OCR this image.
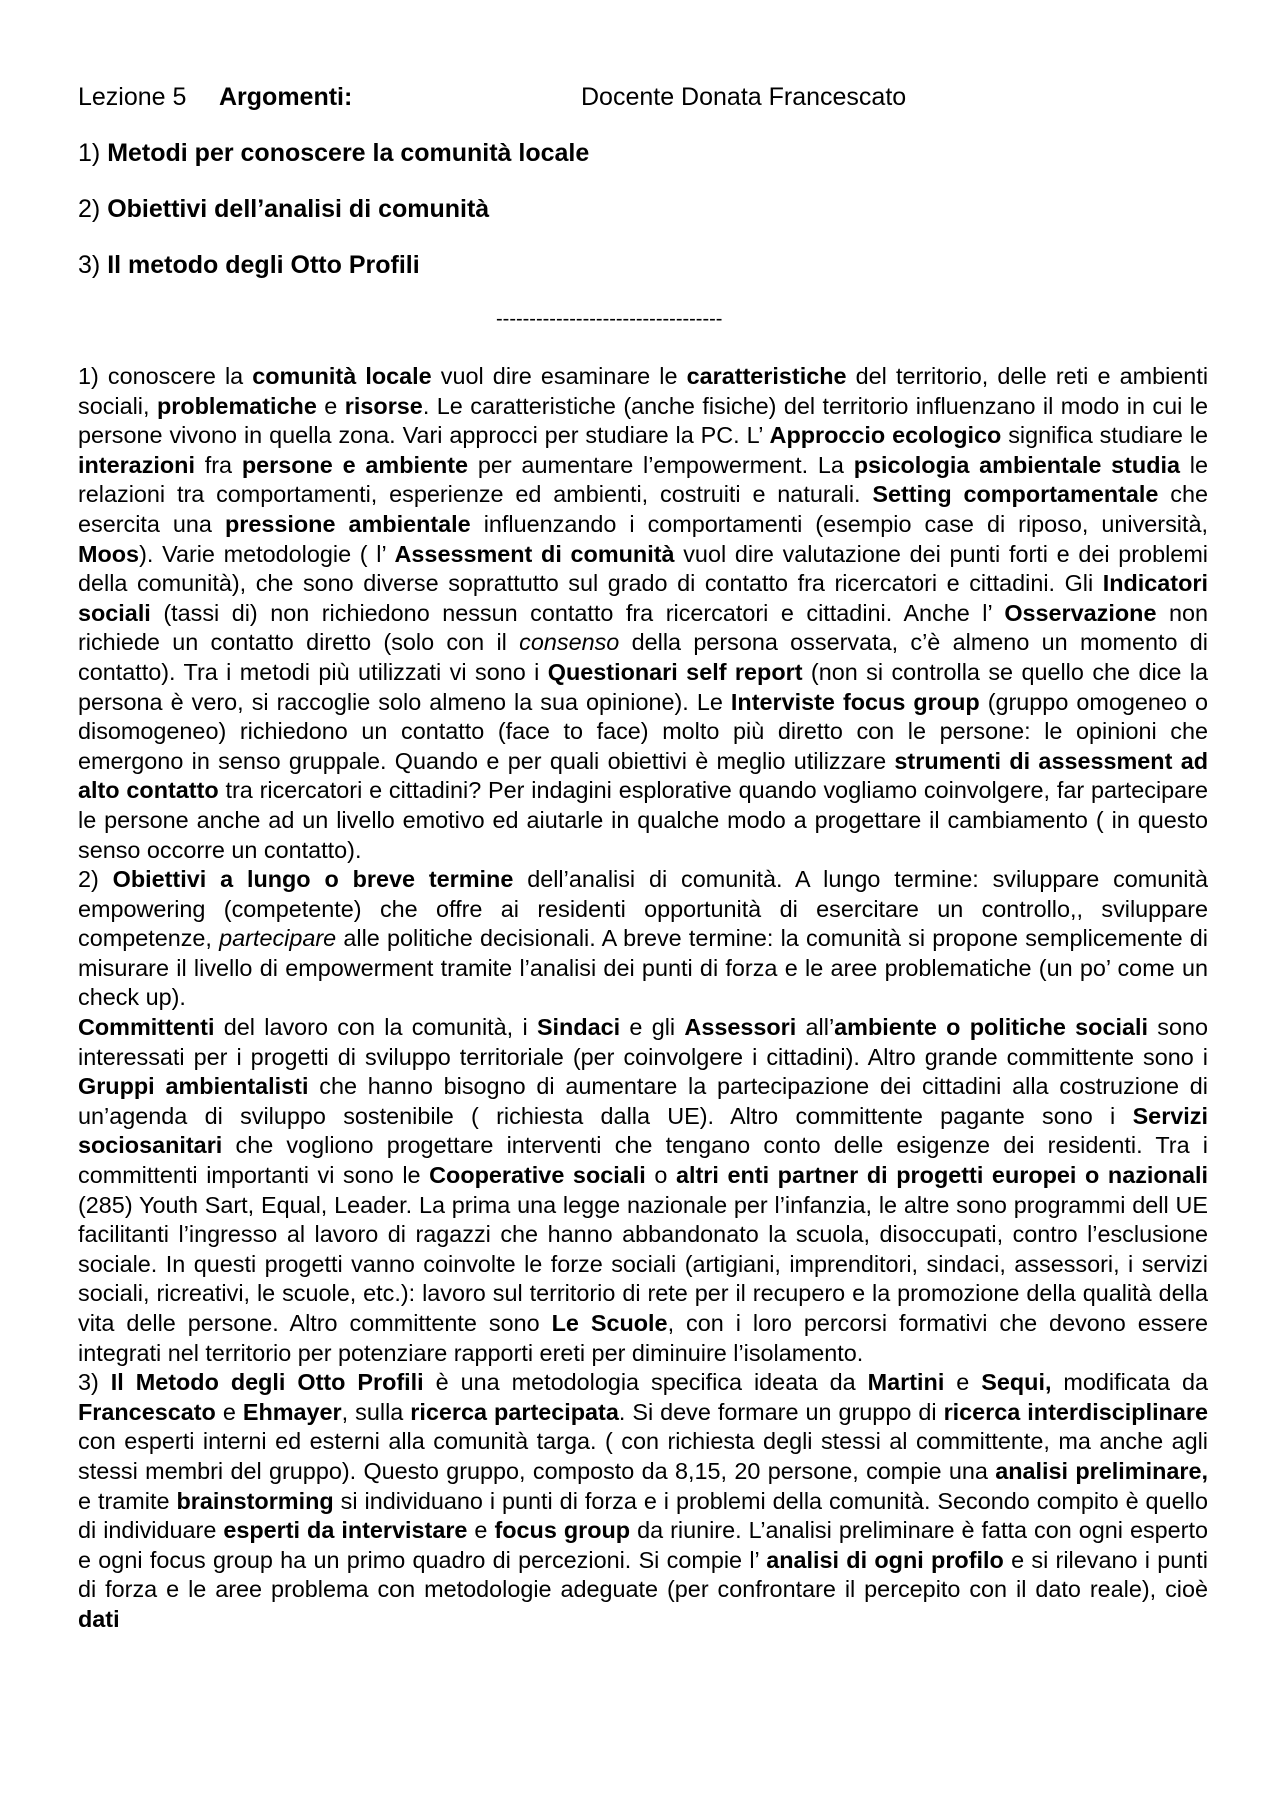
Lezione 5 Argomenti:	Docente Donata Francescato
1) Metodi per conoscere la comunità locale
2) Obiettivi dell’analisi di comunità
3) Il metodo degli Otto Profili
----------------------------------

1) conoscere la comunità locale vuol dire esaminare le caratteristiche del territorio, delle reti e ambienti sociali, problematiche e risorse. Le caratteristiche (anche fisiche) del territorio influenzano il modo in cui le persone vivono in quella zona. Vari approcci per studiare la PC. L’ Approccio ecologico significa studiare le interazioni fra persone e ambiente per aumentare l’empowerment. La psicologia ambientale studia le relazioni tra comportamenti, esperienze ed ambienti, costruiti e naturali. Setting comportamentale che esercita una pressione ambientale influenzando i comportamenti (esempio case di riposo, università, Moos). Varie metodologie ( l’ Assessment di comunità vuol dire valutazione dei punti forti e dei problemi della comunità), che sono diverse soprattutto sul grado di contatto fra ricercatori e cittadini. Gli Indicatori sociali (tassi di) non richiedono nessun contatto fra ricercatori e cittadini. Anche l’ Osservazione non richiede un contatto diretto (solo con il consenso della persona osservata, c’è almeno un momento di contatto). Tra i metodi più utilizzati vi sono i Questionari self report (non si controlla se quello che dice la persona è vero, si raccoglie solo almeno la sua opinione). Le Interviste focus group (gruppo omogeneo o disomogeneo) richiedono un contatto (face to face) molto più diretto con le persone: le opinioni che emergono in senso gruppale. Quando e per quali obiettivi è meglio utilizzare strumenti di assessment ad alto contatto tra ricercatori e cittadini? Per indagini esplorative quando vogliamo coinvolgere, far partecipare le persone anche ad un livello emotivo ed aiutarle in qualche modo a progettare il cambiamento ( in questo senso occorre un contatto).

2) Obiettivi a lungo o breve termine dell’analisi di comunità. A lungo termine: sviluppare comunità empowering (competente) che offre ai residenti opportunità di esercitare un controllo,, sviluppare competenze, partecipare alle politiche decisionali. A breve termine: la comunità si propone semplicemente di misurare il livello di empowerment tramite l’analisi dei punti di forza e le aree problematiche (un po’ come un check up).

Committenti del lavoro con la comunità, i Sindaci e gli Assessori all’ambiente o politiche sociali sono interessati per i progetti di sviluppo territoriale (per coinvolgere i cittadini). Altro grande committente sono i Gruppi ambientalisti che hanno bisogno di aumentare la partecipazione dei cittadini alla costruzione di un’agenda di sviluppo sostenibile ( richiesta dalla UE). Altro committente pagante sono i Servizi sociosanitari che vogliono progettare interventi che tengano conto delle esigenze dei residenti. Tra i committenti importanti vi sono le Cooperative sociali o altri enti partner di progetti europei o nazionali (285) Youth Sart, Equal, Leader. La prima una legge nazionale per l’infanzia, le altre sono programmi dell UE facilitanti l’ingresso al lavoro di ragazzi che hanno abbandonato la scuola, disoccupati, contro l’esclusione sociale. In questi progetti vanno coinvolte le forze sociali (artigiani, imprenditori, sindaci, assessori, i servizi sociali, ricreativi, le scuole, etc.): lavoro sul territorio di rete per il recupero e la promozione della qualità della vita delle persone. Altro committente sono Le Scuole, con i loro percorsi formativi che devono essere integrati nel territorio per potenziare rapporti ereti per diminuire l’isolamento.

3) Il Metodo degli Otto Profili è una metodologia specifica ideata da Martini e Sequi, modificata da Francescato e Ehmayer, sulla ricerca partecipata. Si deve formare un gruppo di ricerca interdisciplinare con esperti interni ed esterni alla comunità targa. ( con richiesta degli stessi al committente, ma anche agli stessi membri del gruppo). Questo gruppo, composto da 8,15, 20 persone, compie una analisi preliminare, e tramite brainstorming si individuano i punti di forza e i problemi della comunità. Secondo compito è quello di individuare esperti da intervistare e focus group da riunire. L’analisi preliminare è fatta con ogni esperto e ogni focus group ha un primo quadro di percezioni. Si compie l’ analisi di ogni profilo e si rilevano i punti di forza e le aree problema con metodologie adeguate (per confrontare il percepito con il dato reale), cioè dati
